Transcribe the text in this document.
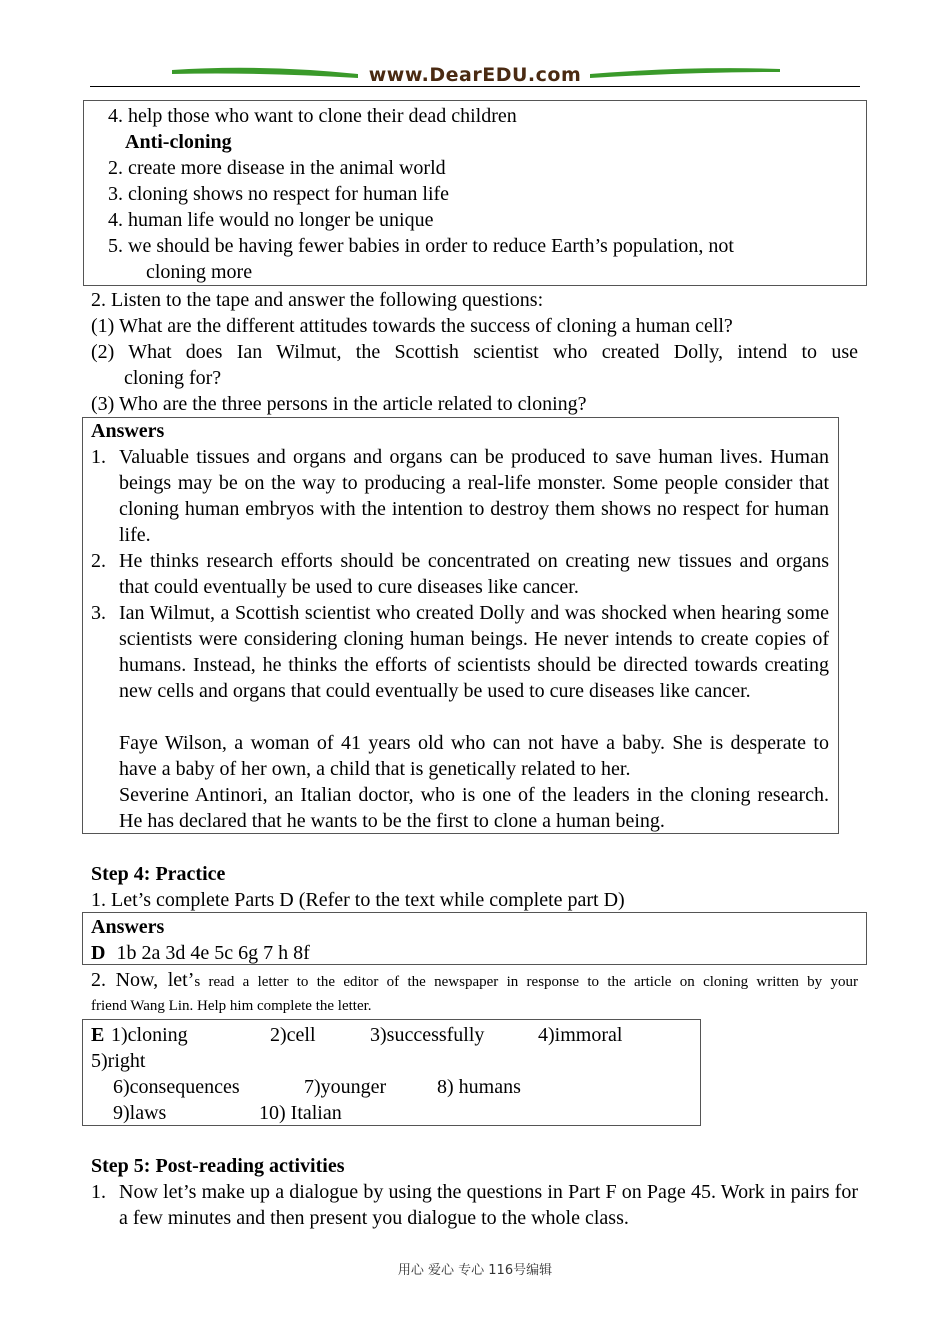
www.DearEDU.com
4. help those who want to clone their dead children
Anti-cloning
2. create more disease in the animal world
3. cloning shows no respect for human life
4. human life would no longer be unique
5. we should be having fewer babies in order to reduce Earth’s population, not
cloning more
2. Listen to the tape and answer the following questions:
(1) What are the different attitudes towards the success of cloning a human cell?
(2) What does Ian Wilmut, the Scottish scientist who created Dolly, intend to use
cloning for?
(3) Who are the three persons in the article related to cloning?
Answers
1. Valuable tissues and organs and organs can be produced to save human lives. Human beings may be on the way to producing a real-life monster. Some people consider that cloning human embryos with the intention to destroy them shows no respect for human life.
2. He thinks research efforts should be concentrated on creating new tissues and organs that could eventually be used to cure diseases like cancer.
3. Ian Wilmut, a Scottish scientist who created Dolly and was shocked when hearing some scientists were considering cloning human beings. He never intends to create copies of humans. Instead, he thinks the efforts of scientists should be directed towards creating new cells and organs that could eventually be used to cure diseases like cancer.
Faye Wilson, a woman of 41 years old who can not have a baby. She is desperate to have a baby of her own, a child that is genetically related to her.
Severine Antinori, an Italian doctor, who is one of the leaders in the cloning research. He has declared that he wants to be the first to clone a human being.
Step 4: Practice
1. Let’s complete Parts D (Refer to the text while complete part D)
Answers
D 1b 2a 3d 4e 5c 6g 7 h 8f
2. Now, let’s read a letter to the editor of the newspaper in response to the article on cloning written by your
friend Wang Lin. Help him complete the letter.
E 1)cloning	2)cell	3)successfully	4)immoral
5)right
6)consequences	7)younger	8) humans
9)laws	10) Italian
Step 5: Post-reading activities
1. Now let’s make up a dialogue by using the questions in Part F on Page 45. Work in pairs for a few minutes and then present you dialogue to the whole class.
用心 爱心 专心 116号编辑
